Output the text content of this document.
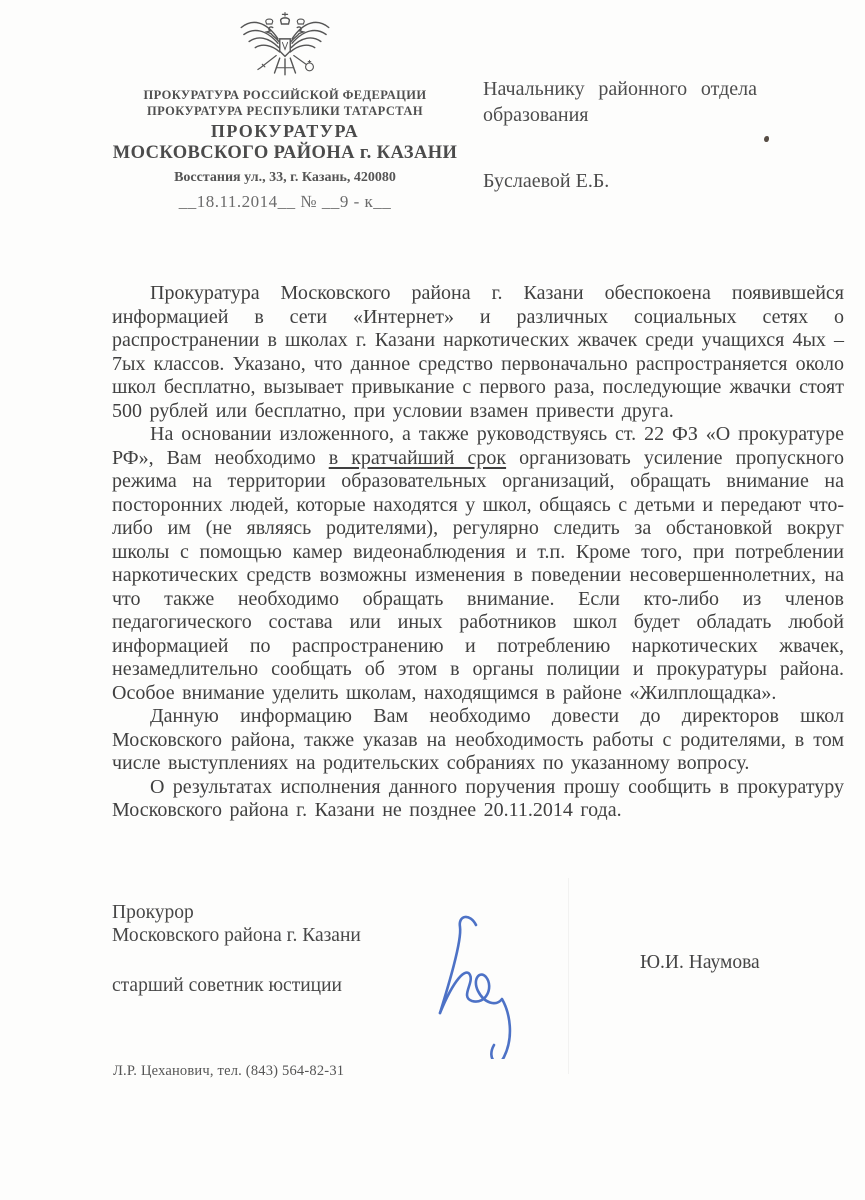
ПРОКУРАТУРА РОССИЙСКОЙ ФЕДЕРАЦИИ
ПРОКУРАТУРА РЕСПУБЛИКИ ТАТАРСТАН
ПРОКУРАТУРА
МОСКОВСКОГО РАЙОНА г. КАЗАНИ
Восстания ул., 33, г. Казань, 420080
__18.11.2014__ № __9 - к__
Начальнику районного отдела
образования
Буслаевой Е.Б.

Прокуратура Московского района г. Казани обеспокоена появившейся информацией в сети «Интернет» и различных социальных сетях о распространении в школах г. Казани наркотических жвачек среди учащихся 4ых – 7ых классов. Указано, что данное средство первоначально распространяется около школ бесплатно, вызывает привыкание с первого раза, последующие жвачки стоят 500 рублей или бесплатно, при условии взамен привести друга.

На основании изложенного, а также руководствуясь ст. 22 ФЗ «О прокуратуре РФ», Вам необходимо в кратчайший срок организовать усиление пропускного режима на территории образовательных организаций, обращать внимание на посторонних людей, которые находятся у школ, общаясь с детьми и передают что-либо им (не являясь родителями), регулярно следить за обстановкой вокруг школы с помощью камер видеонаблюдения и т.п. Кроме того, при потреблении наркотических средств возможны изменения в поведении несовершеннолетних, на что также необходимо обращать внимание. Если кто-либо из членов педагогического состава или иных работников школ будет обладать любой информацией по распространению и потреблению наркотических жвачек, незамедлительно сообщать об этом в органы полиции и прокуратуры района. Особое внимание уделить школам, находящимся в районе «Жилплощадка».

Данную информацию Вам необходимо довести до директоров школ Московского района, также указав на необходимость работы с родителями, в том числе выступлениях на родительских собраниях по указанному вопросу.

О результатах исполнения данного поручения прошу сообщить в прокуратуру Московского района г. Казани не позднее 20.11.2014 года.

Прокурор
Московского района г. Казани
старший советник юстиции
Ю.И. Наумова
Л.Р. Цеханович, тел. (843) 564-82-31
